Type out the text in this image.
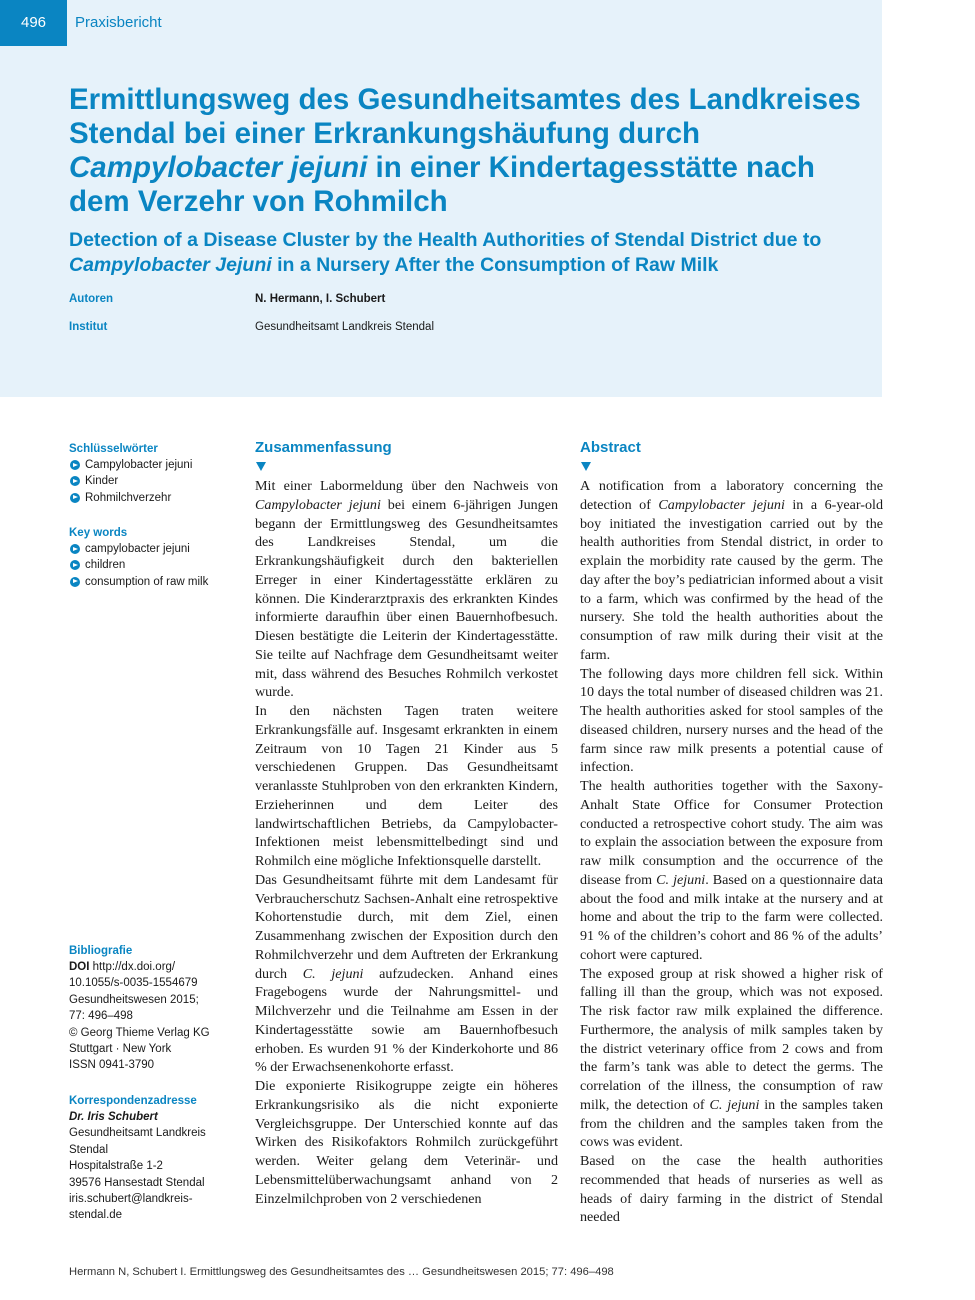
496	Praxisbericht
Ermittlungsweg des Gesundheitsamtes des Landkreises Stendal bei einer Erkrankungshäufung durch Campylobacter jejuni in einer Kindertagesstätte nach dem Verzehr von Rohmilch
Detection of a Disease Cluster by the Health Authorities of Stendal District due to Campylobacter Jejuni in a Nursery After the Consumption of Raw Milk
Autoren	N. Hermann, I. Schubert
Institut	Gesundheitsamt Landkreis Stendal
Schlüsselwörter
Campylobacter jejuni
Kinder
Rohmilchverzehr
Key words
campylobacter jejuni
children
consumption of raw milk
Bibliografie
DOI http://dx.doi.org/
10.1055/s-0035-1554679
Gesundheitswesen 2015;
77: 496–498
© Georg Thieme Verlag KG
Stuttgart · New York
ISSN 0941-3790
Korrespondenzadresse
Dr. Iris Schubert
Gesundheitsamt Landkreis
Stendal
Hospitalstraße 1-2
39576 Hansestadt Stendal
iris.schubert@landkreis-
stendal.de
Zusammenfassung

Mit einer Labormeldung über den Nachweis von Campylobacter jejuni bei einem 6-jährigen Jungen begann der Ermittlungsweg des Gesundheitsamtes des Landkreises Stendal, um die Erkrankungshäufigkeit durch den bakteriellen Erreger in einer Kindertagesstätte erklären zu können. Die Kinderarztpraxis des erkrankten Kindes informierte daraufhin über einen Bauernhofbesuch. Diesen bestätigte die Leiterin der Kindertagesstätte. Sie teilte auf Nachfrage dem Gesundheitsamt weiter mit, dass während des Besuches Rohmilch verkostet wurde.

In den nächsten Tagen traten weitere Erkrankungsfälle auf. Insgesamt erkrankten in einem Zeitraum von 10 Tagen 21 Kinder aus 5 verschiedenen Gruppen. Das Gesundheitsamt veranlasste Stuhlproben von den erkrankten Kindern, Erzieherinnen und dem Leiter des landwirtschaftlichen Betriebs, da Campylobacter-Infektionen meist lebensmittelbedingt sind und Rohmilch eine mögliche Infektionsquelle darstellt.

Das Gesundheitsamt führte mit dem Landesamt für Verbraucherschutz Sachsen-Anhalt eine retrospektive Kohortenstudie durch, mit dem Ziel, einen Zusammenhang zwischen der Exposition durch den Rohmilchverzehr und dem Auftreten der Erkrankung durch C. jejuni aufzudecken. Anhand eines Fragebogens wurde der Nahrungsmittel- und Milchverzehr und die Teilnahme am Essen in der Kindertagesstätte sowie am Bauernhofbesuch erhoben. Es wurden 91 % der Kinderkohorte und 86 % der Erwachsenenkohorte erfasst.

Die exponierte Risikogruppe zeigte ein höheres Erkrankungsrisiko als die nicht exponierte Vergleichsgruppe. Der Unterschied konnte auf das Wirken des Risikofaktors Rohmilch zurückgeführt werden. Weiter gelang dem Veterinär- und Lebensmittelüberwachungsamt anhand von 2 Einzelmilchproben von 2 verschiedenen

Abstract

A notification from a laboratory concerning the detection of Campylobacter jejuni in a 6-year-old boy initiated the investigation carried out by the health authorities from Stendal district, in order to explain the morbidity rate caused by the germ. The day after the boy’s pediatrician informed about a visit to a farm, which was confirmed by the head of the nursery. She told the health authorities about the consumption of raw milk during their visit at the farm.

The following days more children fell sick. Within 10 days the total number of diseased children was 21. The health authorities asked for stool samples of the diseased children, nursery nurses and the head of the farm since raw milk presents a potential cause of infection.

The health authorities together with the Saxony-Anhalt State Office for Consumer Protection conducted a retrospective cohort study. The aim was to explain the association between the exposure from raw milk consumption and the occurrence of the disease from C. jejuni. Based on a questionnaire data about the food and milk intake at the nursery and at home and about the trip to the farm were collected. 91 % of the children’s cohort and 86 % of the adults’ cohort were captured.

The exposed group at risk showed a higher risk of falling ill than the group, which was not exposed. The risk factor raw milk explained the difference. Furthermore, the analysis of milk samples taken by the district veterinary office from 2 cows and from the farm’s tank was able to detect the germs. The correlation of the illness, the consumption of raw milk, the detection of C. jejuni in the samples taken from the children and the samples taken from the cows was evident.

Based on the case the health authorities recommended that heads of nurseries as well as heads of dairy farming in the district of Stendal needed

Hermann N, Schubert I. Ermittlungsweg des Gesundheitsamtes des … Gesundheitswesen 2015; 77: 496–498
